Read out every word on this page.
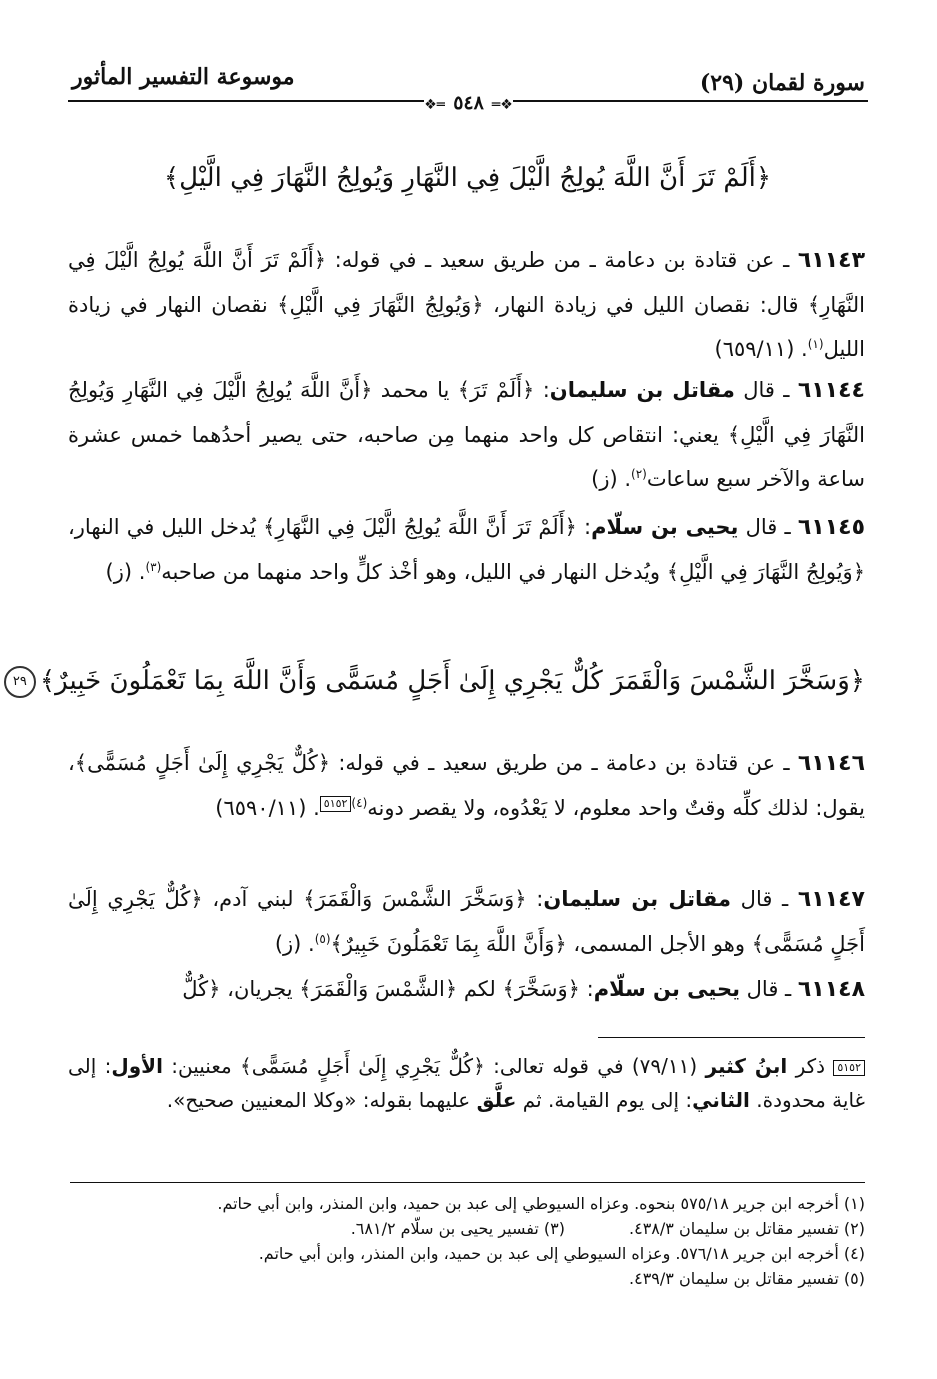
سورة لقمان (٢٩)
موسوعة التفسير المأثور
❖═ ٥٤٨ ═❖
﴿أَلَمْ تَرَ أَنَّ اللَّهَ يُولِجُ الَّيْلَ فِي النَّهَارِ وَيُولِجُ النَّهَارَ فِي الَّيْلِ﴾
٦١١٤٣ ـ عن قتادة بن دعامة ـ من طريق سعيد ـ في قوله: ﴿أَلَمْ تَرَ أَنَّ اللَّهَ يُولِجُ الَّيْلَ فِي النَّهَارِ﴾ قال: نقصان الليل في زيادة النهار، ﴿وَيُولِجُ النَّهَارَ فِي الَّيْلِ﴾ نقصان النهار في زيادة الليل$^{(١)}$. (٦٥٩/١١)
٦١١٤٤ ـ قال مقاتل بن سليمان: ﴿أَلَمْ تَرَ﴾ يا محمد ﴿أَنَّ اللَّهَ يُولِجُ الَّيْلَ فِي النَّهَارِ وَيُولِجُ النَّهَارَ فِي الَّيْلِ﴾ يعني: انتقاص كل واحد منهما مِن صاحبه، حتى يصير أحدُهما خمس عشرة ساعة والآخر سبع ساعات$^{(٢)}$. (ز)
٦١١٤٥ ـ قال يحيى بن سلّام: ﴿أَلَمْ تَرَ أَنَّ اللَّهَ يُولِجُ الَّيْلَ فِي النَّهَارِ﴾ يُدخل الليل في النهار، ﴿وَيُولِجُ النَّهَارَ فِي الَّيْلِ﴾ ويُدخل النهار في الليل، وهو أخْذ كلٍّ واحد منهما من صاحبه$^{(٣)}$. (ز)
﴿وَسَخَّرَ الشَّمْسَ وَالْقَمَرَ كُلٌّ يَجْرِي إِلَىٰ أَجَلٍ مُسَمًّى وَأَنَّ اللَّهَ بِمَا تَعْمَلُونَ خَبِيرٌ﴾٢٩
٦١١٤٦ ـ عن قتادة بن دعامة ـ من طريق سعيد ـ في قوله: ﴿كُلٌّ يَجْرِي إِلَىٰ أَجَلٍ مُسَمًّى﴾، يقول: لذلك كلِّه وقتٌ واحد معلوم، لا يَعْدُوه، ولا يقصر دونه$^{(٤)}$٥١٥٢. (٦٥٩٠/١١)
٦١١٤٧ ـ قال مقاتل بن سليمان: ﴿وَسَخَّرَ الشَّمْسَ وَالْقَمَرَ﴾ لبني آدم، ﴿كُلٌّ يَجْرِي إِلَىٰ أَجَلٍ مُسَمًّى﴾ وهو الأجل المسمى، ﴿وَأَنَّ اللَّهَ بِمَا تَعْمَلُونَ خَبِيرٌ﴾$^{(٥)}$. (ز)
٦١١٤٨ ـ قال يحيى بن سلّام: ﴿وَسَخَّرَ﴾ لكم ﴿الشَّمْسَ وَالْقَمَرَ﴾ يجريان، ﴿كُلٌّ
٥١٥٢ ذكر ابنُ كثير (٧٩/١١) في قوله تعالى: ﴿كُلٌّ يَجْرِي إِلَىٰ أَجَلٍ مُسَمًّى﴾ معنيين: الأول: إلى غاية محدودة. الثاني: إلى يوم القيامة. ثم علَّق عليهما بقوله: «وكلا المعنيين صحيح».
(١) أخرجه ابن جرير ٥٧٥/١٨ بنحوه. وعزاه السيوطي إلى عبد بن حميد، وابن المنذر، وابن أبي حاتم.
(٢) تفسير مقاتل بن سليمان ٤٣٨/٣.
(٣) تفسير يحيى بن سلّام ٦٨١/٢.
(٤) أخرجه ابن جرير ٥٧٦/١٨. وعزاه السيوطي إلى عبد بن حميد، وابن المنذر، وابن أبي حاتم.
(٥) تفسير مقاتل بن سليمان ٤٣٩/٣.
